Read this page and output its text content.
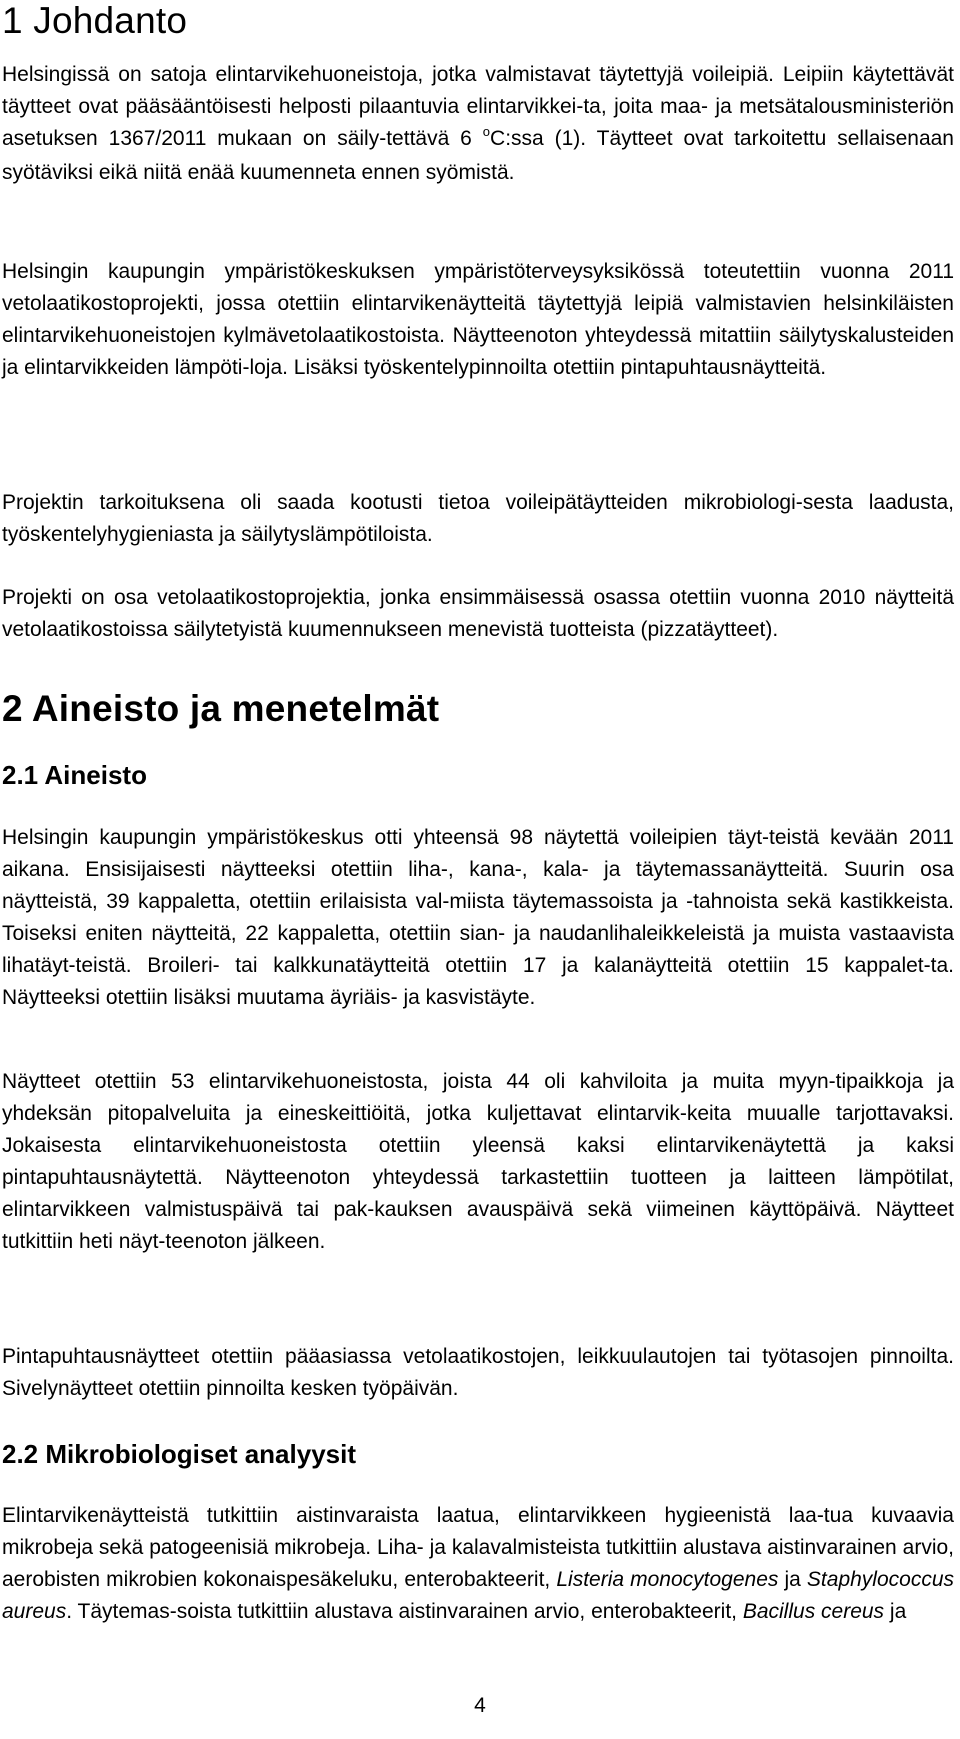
1 Johdanto

Helsingissä on satoja elintarvikehuoneistoja, jotka valmistavat täytettyjä voileipiä. Leipiin käytettävät täytteet ovat pääsääntöisesti helposti pilaantuvia elintarvikkei-ta, joita maa- ja metsätalousministeriön asetuksen 1367/2011 mukaan on säily-tettävä 6 $^o$C:ssa (1). Täytteet ovat tarkoitettu sellaisenaan syötäviksi eikä niitä enää kuumenneta ennen syömistä.

Helsingin kaupungin ympäristökeskuksen ympäristöterveysyksikössä toteutettiin vuonna 2011 vetolaatikostoprojekti, jossa otettiin elintarvikenäytteitä täytettyjä leipiä valmistavien helsinkiläisten elintarvikehuoneistojen kylmävetolaatikostoista. Näytteenoton yhteydessä mitattiin säilytyskalusteiden ja elintarvikkeiden lämpöti-loja. Lisäksi työskentelypinnoilta otettiin pintapuhtausnäytteitä.

Projektin tarkoituksena oli saada kootusti tietoa voileipätäytteiden mikrobiologi-sesta laadusta, työskentelyhygieniasta ja säilytyslämpötiloista.

Projekti on osa vetolaatikostoprojektia, jonka ensimmäisessä osassa otettiin vuonna 2010 näytteitä vetolaatikostoissa säilytetyistä kuumennukseen menevistä tuotteista (pizzatäytteet).

2 Aineisto ja menetelmät
2.1 Aineisto

Helsingin kaupungin ympäristökeskus otti yhteensä 98 näytettä voileipien täyt-teistä kevään 2011 aikana. Ensisijaisesti näytteeksi otettiin liha-, kana-, kala- ja täytemassanäytteitä. Suurin osa näytteistä, 39 kappaletta, otettiin erilaisista val-miista täytemassoista ja -tahnoista sekä kastikkeista. Toiseksi eniten näytteitä, 22 kappaletta, otettiin sian- ja naudanlihaleikkeleistä ja muista vastaavista lihatäyt-teistä. Broileri- tai kalkkunatäytteitä otettiin 17 ja kalanäytteitä otettiin 15 kappalet-ta. Näytteeksi otettiin lisäksi muutama äyriäis- ja kasvistäyte.

Näytteet otettiin 53 elintarvikehuoneistosta, joista 44 oli kahviloita ja muita myyn-tipaikkoja ja yhdeksän pitopalveluita ja eineskeittiöitä, jotka kuljettavat elintarvik-keita muualle tarjottavaksi. Jokaisesta elintarvikehuoneistosta otettiin yleensä kaksi elintarvikenäytettä ja kaksi pintapuhtausnäytettä. Näytteenoton yhteydessä tarkastettiin tuotteen ja laitteen lämpötilat, elintarvikkeen valmistuspäivä tai pak-kauksen avauspäivä sekä viimeinen käyttöpäivä. Näytteet tutkittiin heti näyt-teenoton jälkeen.

Pintapuhtausnäytteet otettiin pääasiassa vetolaatikostojen, leikkuulautojen tai työtasojen pinnoilta. Sivelynäytteet otettiin pinnoilta kesken työpäivän.

2.2 Mikrobiologiset analyysit

Elintarvikenäytteistä tutkittiin aistinvaraista laatua, elintarvikkeen hygieenistä laa-tua kuvaavia mikrobeja sekä patogeenisiä mikrobeja. Liha- ja kalavalmisteista tutkittiin alustava aistinvarainen arvio, aerobisten mikrobien kokonaispesäkeluku, enterobakteerit, Listeria monocytogenes ja Staphylococcus aureus. Täytemas-soista tutkittiin alustava aistinvarainen arvio, enterobakteerit, Bacillus cereus ja

4
